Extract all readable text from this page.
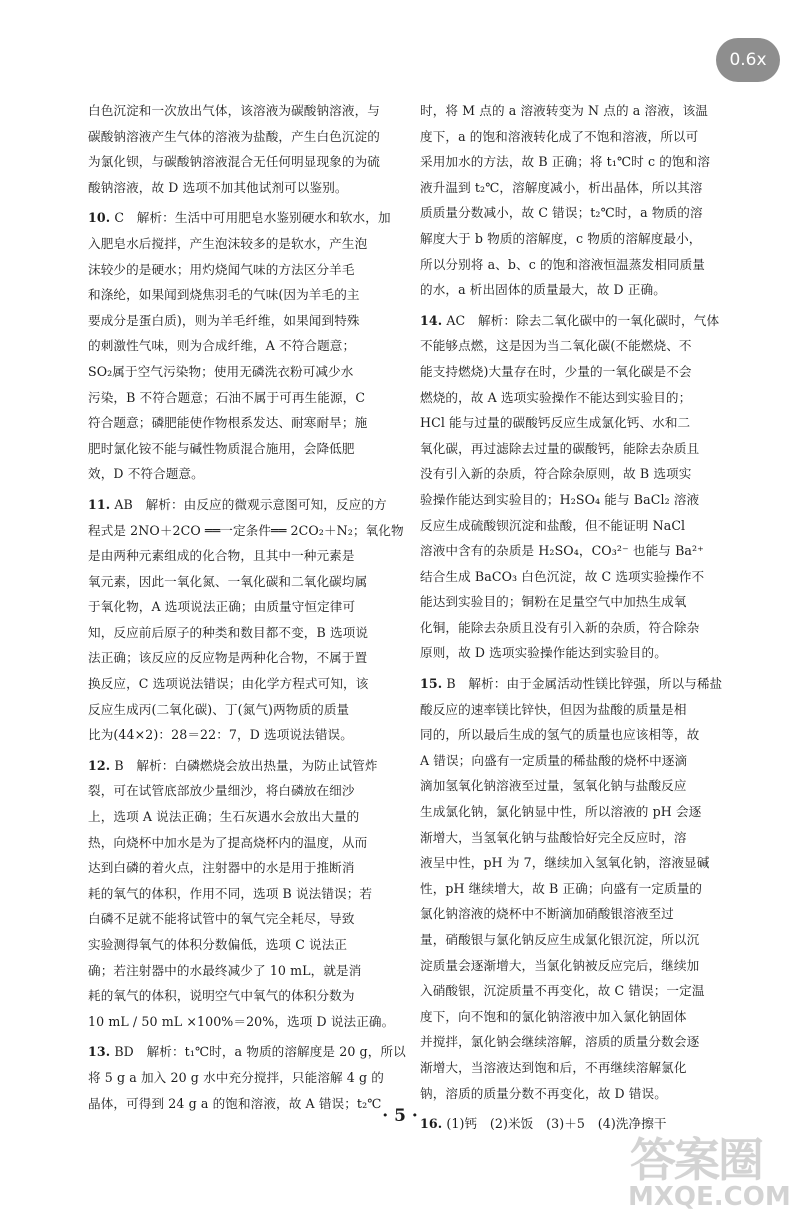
0.6x
白色沉淀和一次放出气体，该溶液为碳酸钠溶液，与
碳酸钠溶液产生气体的溶液为盐酸，产生白色沉淀的
为氯化钡，与碳酸钠溶液混合无任何明显现象的为硫
酸钠溶液，故 D 选项不加其他试剂可以鉴别。
10. C　解析：生活中可用肥皂水鉴别硬水和软水，加
入肥皂水后搅拌，产生泡沫较多的是软水，产生泡
沫较少的是硬水；用灼烧闻气味的方法区分羊毛
和涤纶，如果闻到烧焦羽毛的气味(因为羊毛的主
要成分是蛋白质)，则为羊毛纤维，如果闻到特殊
的刺激性气味，则为合成纤维，A 不符合题意；
SO₂属于空气污染物；使用无磷洗衣粉可减少水
污染，B 不符合题意；石油不属于可再生能源，C
符合题意；磷肥能使作物根系发达、耐寒耐旱；施
肥时氯化铵不能与碱性物质混合施用，会降低肥
效，D 不符合题意。
11. AB　解析：由反应的微观示意图可知，反应的方
程式是 2NO＋2CO ══一定条件══ 2CO₂＋N₂；氧化物
是由两种元素组成的化合物，且其中一种元素是
氧元素，因此一氧化氮、一氧化碳和二氧化碳均属
于氧化物，A 选项说法正确；由质量守恒定律可
知，反应前后原子的种类和数目都不变，B 选项说
法正确；该反应的反应物是两种化合物，不属于置
换反应，C 选项说法错误；由化学方程式可知，该
反应生成丙(二氧化碳)、丁(氮气)两物质的质量
比为(44×2)：28＝22：7，D 选项说法错误。
12. B　解析：白磷燃烧会放出热量，为防止试管炸
裂，可在试管底部放少量细沙，将白磷放在细沙
上，选项 A 说法正确；生石灰遇水会放出大量的
热，向烧杯中加水是为了提高烧杯内的温度，从而
达到白磷的着火点，注射器中的水是用于推断消
耗的氧气的体积，作用不同，选项 B 说法错误；若
白磷不足就不能将试管中的氧气完全耗尽，导致
实验测得氧气的体积分数偏低，选项 C 说法正
确；若注射器中的水最终减少了 10 mL，就是消
耗的氧气的体积，说明空气中氧气的体积分数为
10 mL / 50 mL ×100%＝20%，选项 D 说法正确。
13. BD　解析：t₁℃时，a 物质的溶解度是 20 g，所以
将 5 g a 加入 20 g 水中充分搅拌，只能溶解 4 g 的
晶体，可得到 24 g a 的饱和溶液，故 A 错误；t₂℃
时，将 M 点的 a 溶液转变为 N 点的 a 溶液，该温
度下，a 的饱和溶液转化成了不饱和溶液，所以可
采用加水的方法，故 B 正确；将 t₁℃时 c 的饱和溶
液升温到 t₂℃，溶解度减小，析出晶体，所以其溶
质质量分数减小，故 C 错误；t₂℃时，a 物质的溶
解度大于 b 物质的溶解度，c 物质的溶解度最小，
所以分别将 a、b、c 的饱和溶液恒温蒸发相同质量
的水，a 析出固体的质量最大，故 D 正确。
14. AC　解析：除去二氧化碳中的一氧化碳时，气体
不能够点燃，这是因为当二氧化碳(不能燃烧、不
能支持燃烧)大量存在时，少量的一氧化碳是不会
燃烧的，故 A 选项实验操作不能达到实验目的；
HCl 能与过量的碳酸钙反应生成氯化钙、水和二
氧化碳，再过滤除去过量的碳酸钙，能除去杂质且
没有引入新的杂质，符合除杂原则，故 B 选项实
验操作能达到实验目的；H₂SO₄ 能与 BaCl₂ 溶液
反应生成硫酸钡沉淀和盐酸，但不能证明 NaCl
溶液中含有的杂质是 H₂SO₄，CO₃²⁻ 也能与 Ba²⁺
结合生成 BaCO₃ 白色沉淀，故 C 选项实验操作不
能达到实验目的；铜粉在足量空气中加热生成氧
化铜，能除去杂质且没有引入新的杂质，符合除杂
原则，故 D 选项实验操作能达到实验目的。
15. B　解析：由于金属活动性镁比锌强，所以与稀盐
酸反应的速率镁比锌快，但因为盐酸的质量是相
同的，所以最后生成的氢气的质量也应该相等，故
A 错误；向盛有一定质量的稀盐酸的烧杯中逐滴
滴加氢氧化钠溶液至过量，氢氧化钠与盐酸反应
生成氯化钠，氯化钠显中性，所以溶液的 pH 会逐
渐增大，当氢氧化钠与盐酸恰好完全反应时，溶
液呈中性，pH 为 7，继续加入氢氧化钠，溶液显碱
性，pH 继续增大，故 B 正确；向盛有一定质量的
氯化钠溶液的烧杯中不断滴加硝酸银溶液至过
量，硝酸银与氯化钠反应生成氯化银沉淀，所以沉
淀质量会逐渐增大，当氯化钠被反应完后，继续加
入硝酸银，沉淀质量不再变化，故 C 错误；一定温
度下，向不饱和的氯化钠溶液中加入氯化钠固体
并搅拌，氯化钠会继续溶解，溶质的质量分数会逐
渐增大，当溶液达到饱和后，不再继续溶解氯化
钠，溶质的质量分数不再变化，故 D 错误。
16. (1)钙　(2)米饭　(3)＋5　(4)洗净擦干
· 5 ·
答案圈
MXQE.COM
